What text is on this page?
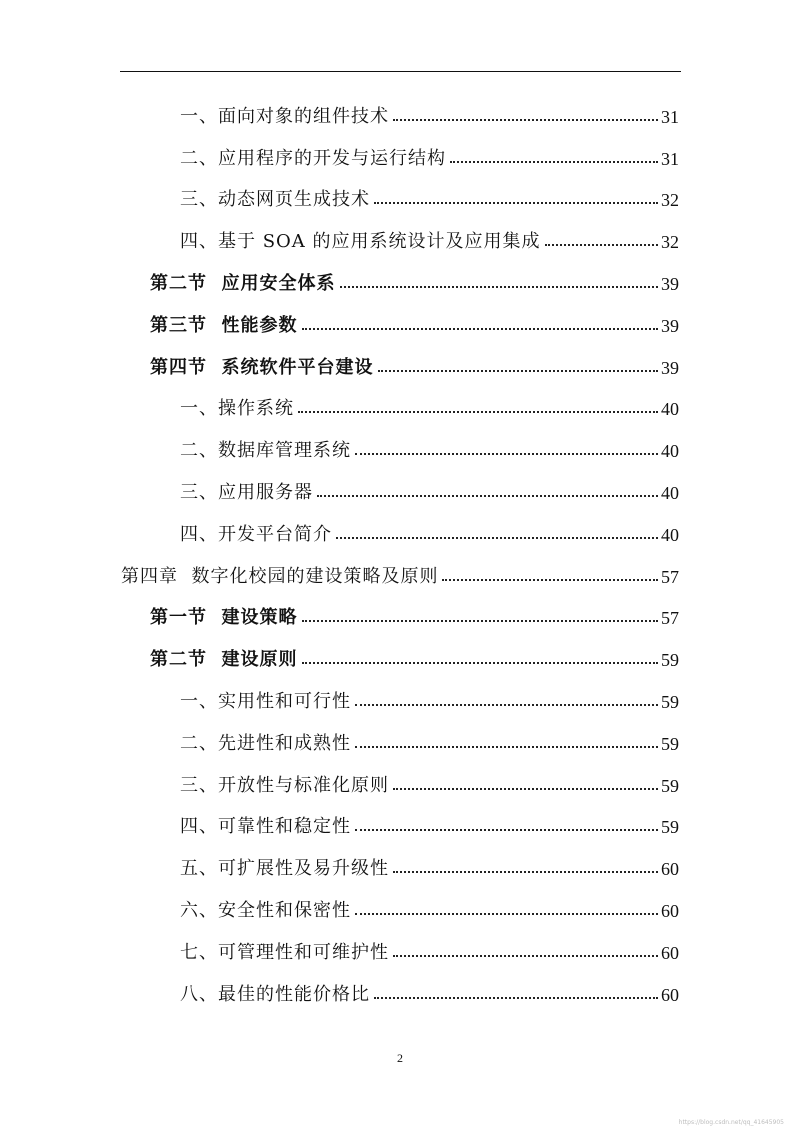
一、面向对象的组件技术	31
二、应用程序的开发与运行结构	31
三、动态网页生成技术	32
四、基于 SOA 的应用系统设计及应用集成	32
第二节  应用安全体系	39
第三节  性能参数	39
第四节  系统软件平台建设	39
一、操作系统	40
二、数据库管理系统	40
三、应用服务器	40
四、开发平台简介	40
第四章  数字化校园的建设策略及原则	57
第一节  建设策略	57
第二节  建设原则	59
一、实用性和可行性	59
二、先进性和成熟性	59
三、开放性与标准化原则	59
四、可靠性和稳定性	59
五、可扩展性及易升级性	60
六、安全性和保密性	60
七、可管理性和可维护性	60
八、最佳的性能价格比	60
2
https://blog.csdn.net/qq_41645905
